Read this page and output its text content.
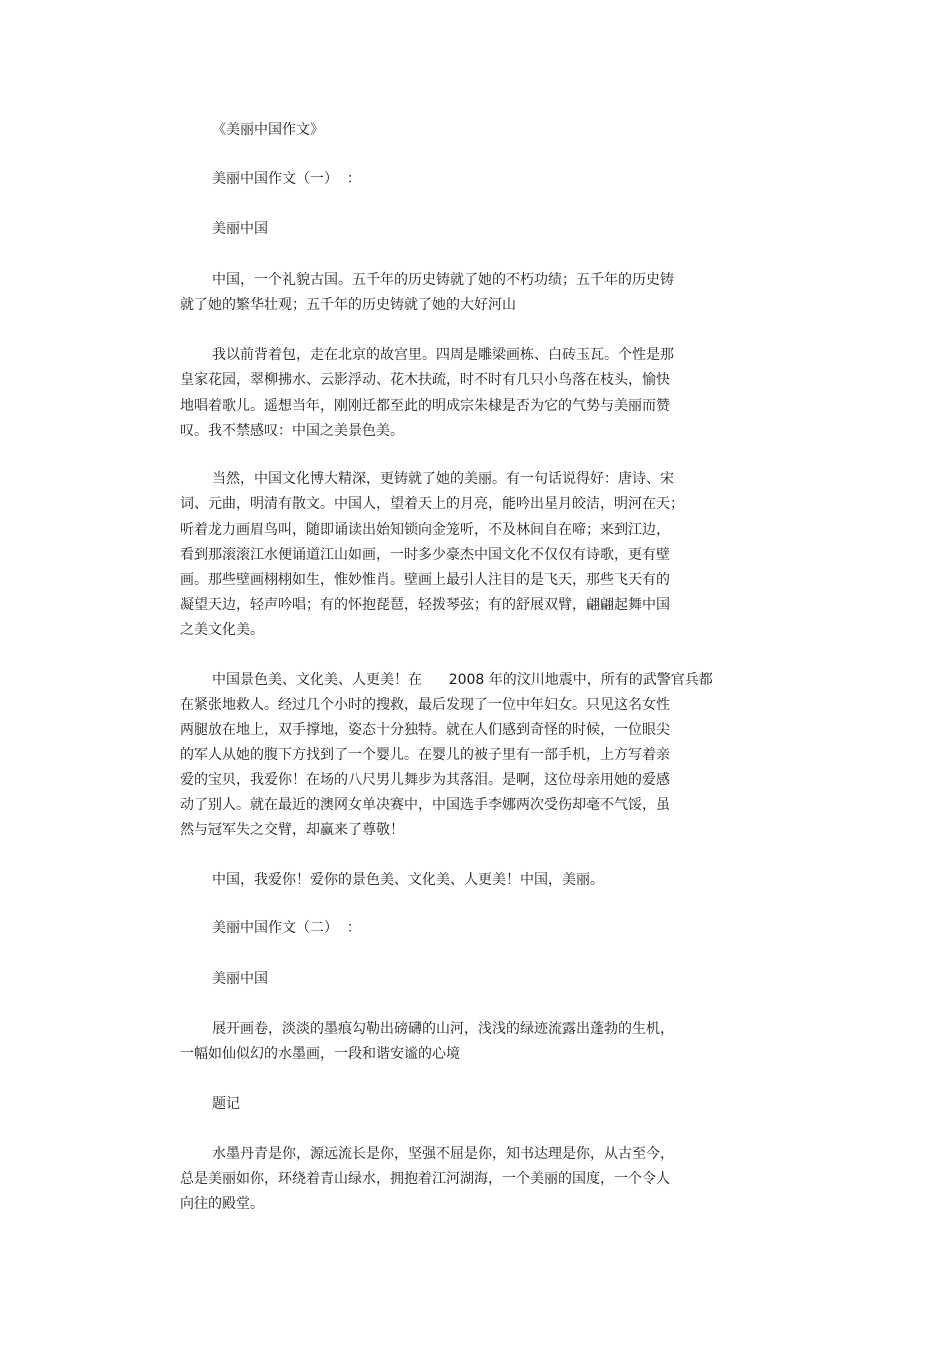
《美丽中国作文》

美丽中国作文（一）  ：

美丽中国

中国，一个礼貌古国。五千年的历史铸就了她的不朽功绩；五千年的历史铸

就了她的繁华壮观；五千年的历史铸就了她的大好河山

我以前背着包，走在北京的故宫里。四周是雕梁画栋、白砖玉瓦。个性是那

皇家花园，翠柳拂水、云影浮动、花木扶疏，时不时有几只小鸟落在枝头，愉快

地唱着歌儿。遥想当年，刚刚迁都至此的明成宗朱棣是否为它的气势与美丽而赞

叹。我不禁感叹：中国之美景色美。

当然，中国文化博大精深，更铸就了她的美丽。有一句话说得好：唐诗、宋

词、元曲，明清有散文。中国人，望着天上的月亮，能吟出星月皎洁，明河在天；

听着龙力画眉鸟叫，随即诵读出始知锁向金笼听，不及林间自在啼；来到江边，

看到那滚滚江水便诵道江山如画，一时多少豪杰中国文化不仅仅有诗歌，更有壁

画。那些壁画栩栩如生，惟妙惟肖。壁画上最引人注目的是飞天，那些飞天有的

凝望天边，轻声吟唱；有的怀抱琵琶，轻拨琴弦；有的舒展双臂，翩翩起舞中国

之美文化美。

中国景色美、文化美、人更美！在      2008 年的汶川地震中，所有的武警官兵都

在紧张地救人。经过几个小时的搜救，最后发现了一位中年妇女。只见这名女性

两腿放在地上，双手撑地，姿态十分独特。就在人们感到奇怪的时候，一位眼尖

的军人从她的腹下方找到了一个婴儿。在婴儿的被子里有一部手机，上方写着亲

爱的宝贝，我爱你！在场的八尺男儿舞步为其落泪。是啊，这位母亲用她的爱感

动了别人。就在最近的澳网女单决赛中，中国选手李娜两次受伤却毫不气馁，虽

然与冠军失之交臂，却赢来了尊敬！

中国，我爱你！爱你的景色美、文化美、人更美！中国，美丽。

美丽中国作文（二）  ：

美丽中国

展开画卷，淡淡的墨痕勾勒出磅礴的山河，浅浅的绿迹流露出蓬勃的生机，

一幅如仙似幻的水墨画，一段和谐安谧的心境

题记

水墨丹青是你，源远流长是你，坚强不屈是你，知书达理是你，从古至今，

总是美丽如你，环绕着青山绿水，拥抱着江河湖海，一个美丽的国度，一个令人

向往的殿堂。
